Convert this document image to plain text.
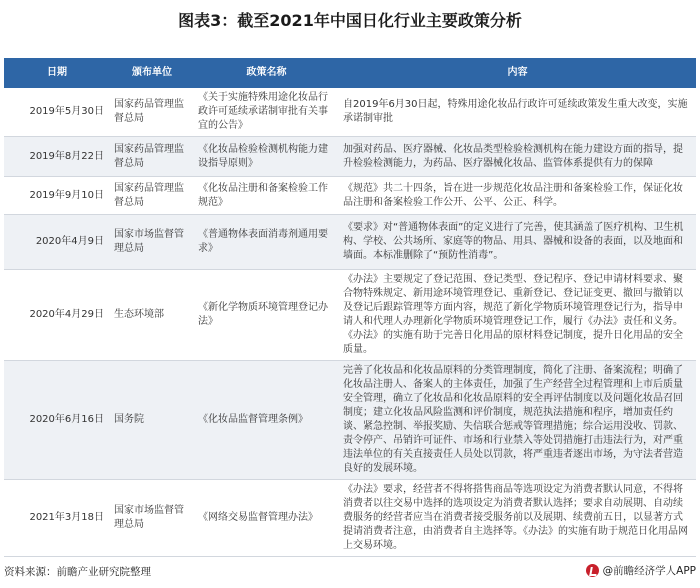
图表3：截至2021年中国日化行业主要政策分析
日期	颁布单位	政策名称	内容
2019年5月30日	国家药品管理监督总局	《关于实施特殊用途化妆品行政许可延续承诺制审批有关事宜的公告》	自2019年6月30日起，特殊用途化妆品行政许可延续政策发生重大改变，实施承诺制审批
2019年8月22日	国家药品管理监督总局	《化妆品检验检测机构能力建设指导原则》	加强对药品、医疗器械、化妆品类型检验检测机构在能力建设方面的指导，提升检验检测能力，为药品、医疗器械化妆品、监管体系提供有力的保障
2019年9月10日	国家药品管理监督总局	《化妆品注册和备案检验工作规范》	《规范》共二十四条，旨在进一步规范化妆品注册和备案检验工作，保证化妆品注册和备案检验工作公开、公平、公正、科学。
2020年4月9日	国家市场监督管理总局	《普通物体表面消毒剂通用要求》	《要求》对“普通物体表面”的定义进行了完善，使其涵盖了医疗机构、卫生机构、学校、公共场所、家庭等的物品、用具、器械和设备的表面，以及地面和墙面。本标准删除了“预防性消毒”。
2020年4月29日	生态环境部	《新化学物质环境管理登记办法》	《办法》主要规定了登记范围、登记类型、登记程序、登记申请材料要求、聚合物特殊规定、新用途环境管理登记、重新登记、登记证变更、撤回与撤销以及登记后跟踪管理等方面内容，规范了新化学物质环境管理登记行为，指导申请人和代理人办理新化学物质环境管理登记工作，履行《办法》责任和义务。《办法》的实施有助于完善日化用品的原材料登记制度，提升日化用品的安全质量。
2020年6月16日	国务院	《化妆品监督管理条例》	完善了化妆品和化妆品原料的分类管理制度，简化了注册、备案流程；明确了化妆品注册人、备案人的主体责任，加强了生产经营全过程管理和上市后质量安全管理，确立了化妆品和化妆品原料的安全再评估制度以及问题化妆品召回制度；建立化妆品风险监测和评价制度，规范执法措施和程序，增加责任约谈、紧急控制、举报奖励、失信联合惩戒等管理措施；综合运用没收、罚款、责令停产、吊销许可证件、市场和行业禁入等处罚措施打击违法行为，对严重违法单位的有关直接责任人员处以罚款，将严重违者逐出市场，为守法者营造良好的发展环境。
2021年3月18日	国家市场监督管理总局	《网络交易监督管理办法》	《办法》要求，经营者不得将搭售商品等选项设定为消费者默认同意，不得将消费者以往交易中选择的选项设定为消费者默认选择；要求自动展期、自动续费服务的经营者应当在消费者接受服务前以及展期、续费前五日，以显著方式提请消费者注意，由消费者自主选择等。《办法》的实施有助于规范日化用品网上交易环境。
资料来源：前瞻产业研究院整理	@前瞻经济学人APP
